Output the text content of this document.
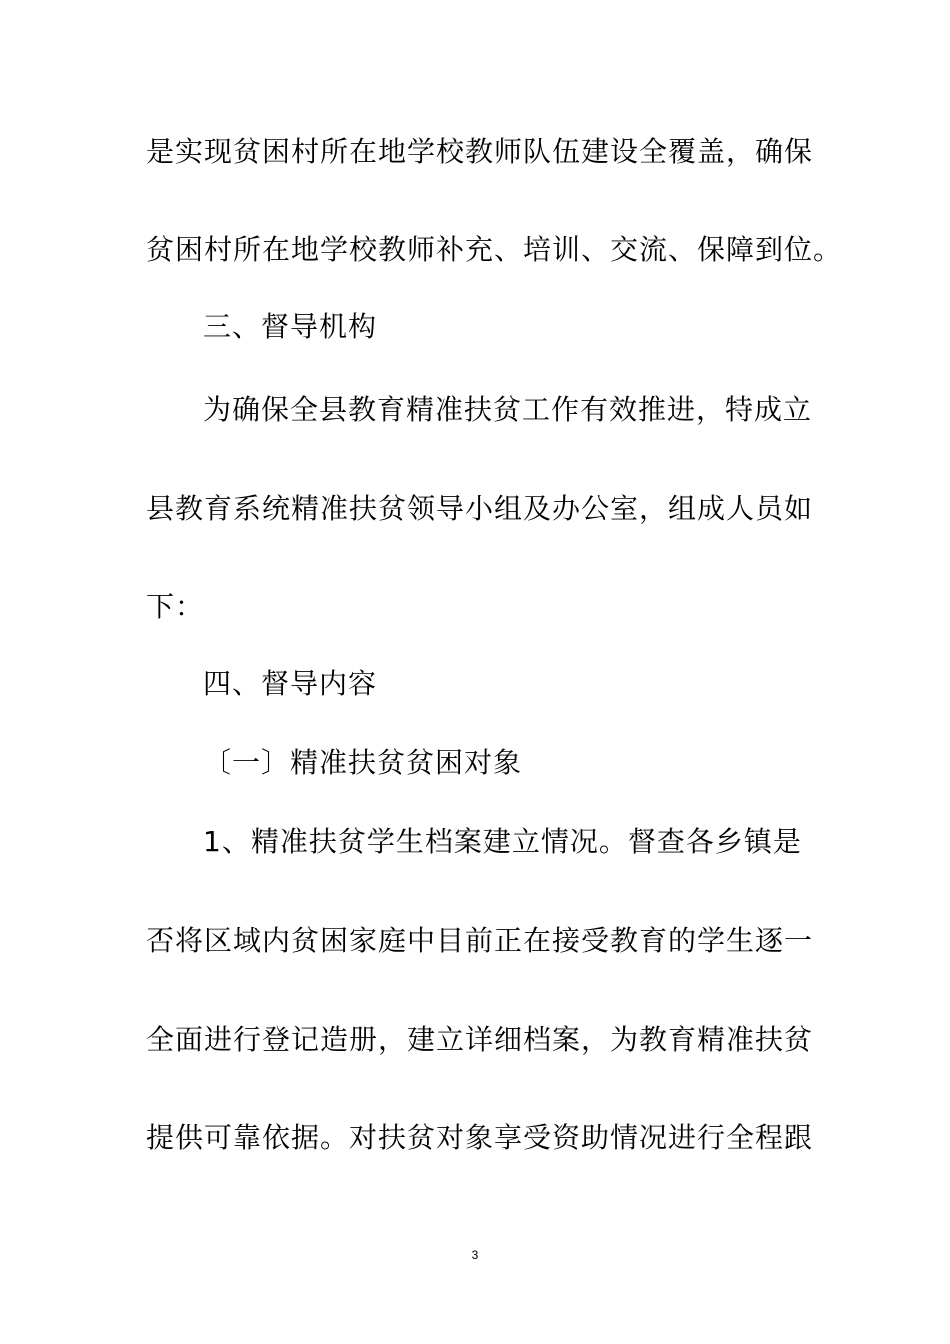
是实现贫困村所在地学校教师队伍建设全覆盖，确保
贫困村所在地学校教师补充、培训、交流、保障到位。
三、督导机构
为确保全县教育精准扶贫工作有效推进，特成立
县教育系统精准扶贫领导小组及办公室，组成人员如
下：
四、督导内容
〔一〕精准扶贫贫困对象
1、精准扶贫学生档案建立情况。督查各乡镇是
否将区域内贫困家庭中目前正在接受教育的学生逐一
全面进行登记造册，建立详细档案，为教育精准扶贫
提供可靠依据。对扶贫对象享受资助情况进行全程跟
3
